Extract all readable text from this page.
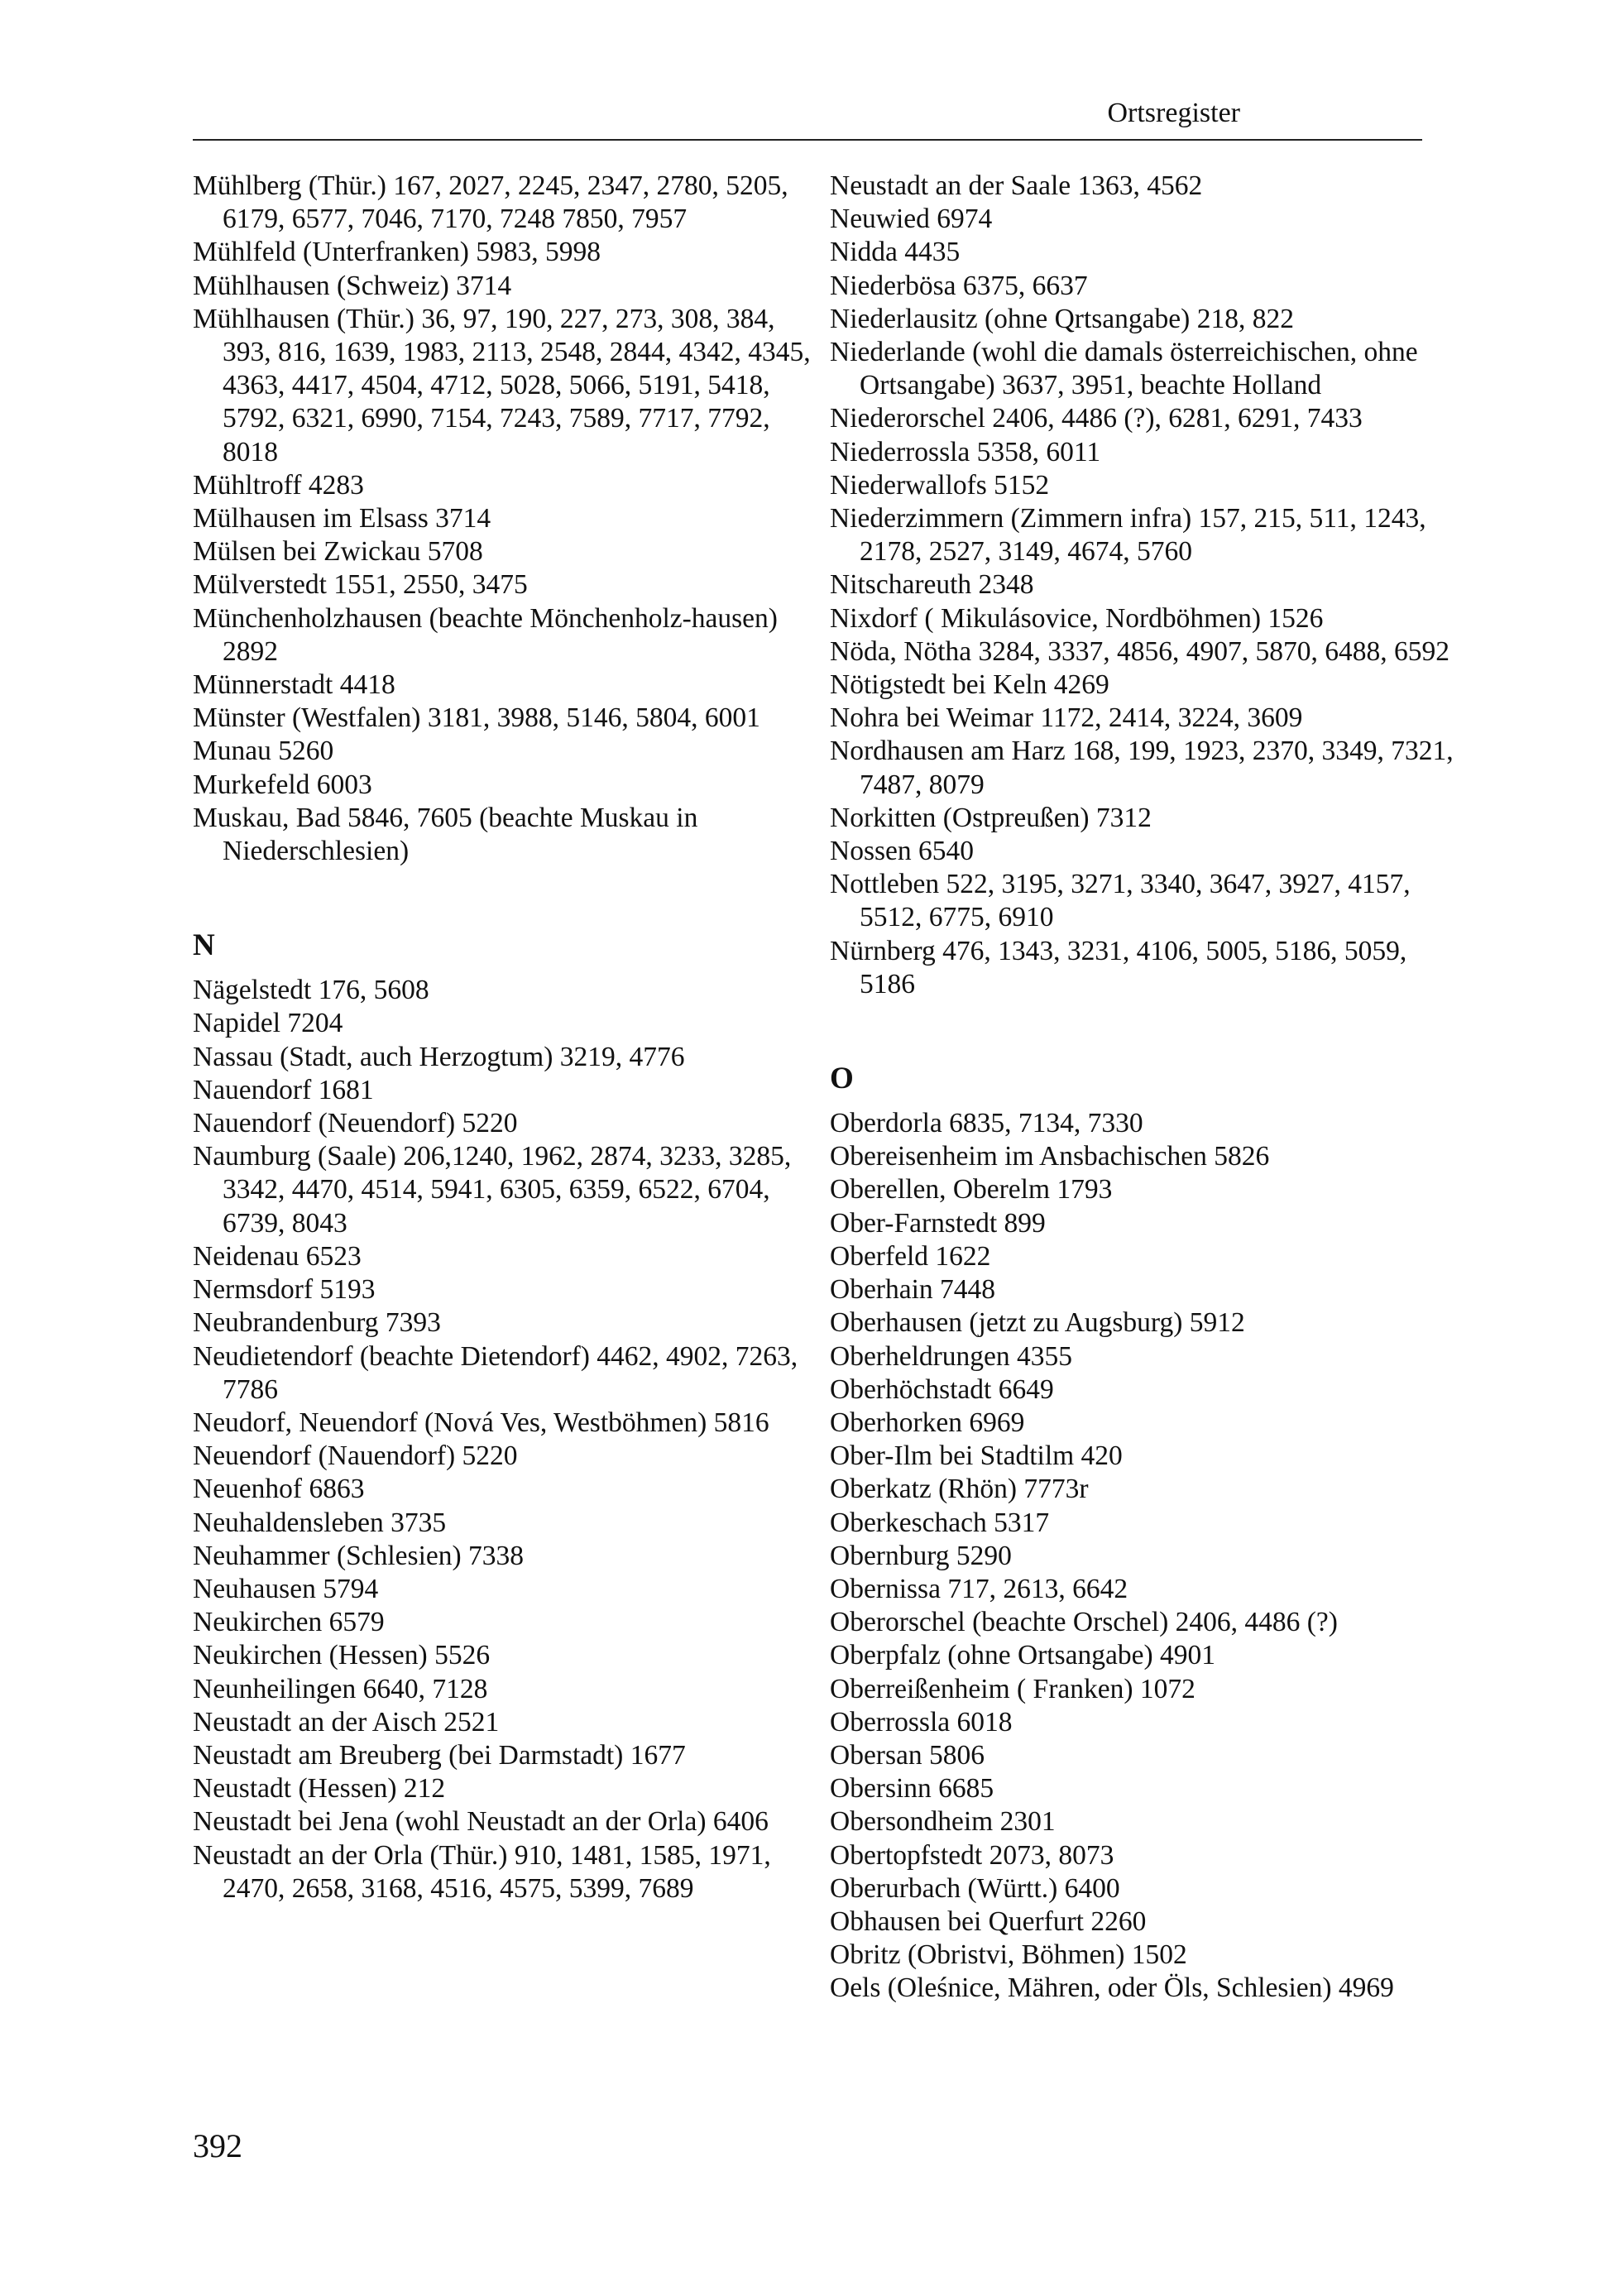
Ortsregister
Mühlberg (Thür.) 167, 2027, 2245, 2347, 2780, 5205, 6179, 6577, 7046, 7170, 7248 7850, 7957
Mühlfeld (Unterfranken) 5983, 5998
Mühlhausen (Schweiz) 3714
Mühlhausen (Thür.) 36, 97, 190, 227, 273, 308, 384, 393, 816, 1639, 1983, 2113, 2548, 2844, 4342, 4345, 4363, 4417, 4504, 4712, 5028, 5066, 5191, 5418, 5792, 6321, 6990, 7154, 7243, 7589, 7717, 7792, 8018
Mühltroff 4283
Mülhausen im Elsass 3714
Mülsen bei Zwickau 5708
Mülverstedt 1551, 2550, 3475
Münchenholzhausen (beachte Mönchenholz-hausen) 2892
Münnerstadt 4418
Münster (Westfalen) 3181, 3988, 5146, 5804, 6001
Munau 5260
Murkefeld 6003
Muskau, Bad 5846, 7605 (beachte Muskau in Niederschlesien)
N
Nägelstedt 176, 5608
Napidel 7204
Nassau (Stadt, auch Herzogtum) 3219, 4776
Nauendorf 1681
Nauendorf (Neuendorf) 5220
Naumburg (Saale) 206,1240, 1962, 2874, 3233, 3285, 3342, 4470, 4514, 5941, 6305, 6359, 6522, 6704, 6739, 8043
Neidenau 6523
Nermsdorf 5193
Neubrandenburg 7393
Neudietendorf (beachte Dietendorf) 4462, 4902, 7263, 7786
Neudorf, Neuendorf (Nová Ves, Westböhmen) 5816
Neuendorf (Nauendorf) 5220
Neuenhof 6863
Neuhaldensleben 3735
Neuhammer (Schlesien) 7338
Neuhausen 5794
Neukirchen 6579
Neukirchen (Hessen) 5526
Neunheilingen 6640, 7128
Neustadt an der Aisch 2521
Neustadt am Breuberg (bei Darmstadt) 1677
Neustadt (Hessen) 212
Neustadt bei Jena (wohl Neustadt an der Orla) 6406
Neustadt an der Orla (Thür.) 910, 1481, 1585, 1971, 2470, 2658, 3168, 4516, 4575, 5399, 7689
Neustadt an der Saale 1363, 4562
Neuwied 6974
Nidda 4435
Niederbösa 6375, 6637
Niederlausitz (ohne Qrtsangabe) 218, 822
Niederlande (wohl die damals österreichischen, ohne Ortsangabe) 3637, 3951, beachte Holland
Niederorschel 2406, 4486 (?), 6281, 6291, 7433
Niederrossla 5358, 6011
Niederwallofs 5152
Niederzimmern (Zimmern infra) 157, 215, 511, 1243, 2178, 2527, 3149, 4674, 5760
Nitschareuth 2348
Nixdorf ( Mikulásovice, Nordböhmen) 1526
Nöda, Nötha 3284, 3337, 4856, 4907, 5870, 6488, 6592
Nötigstedt bei Keln 4269
Nohra bei Weimar 1172, 2414, 3224, 3609
Nordhausen am Harz 168, 199, 1923, 2370, 3349, 7321, 7487, 8079
Norkitten (Ostpreußen) 7312
Nossen 6540
Nottleben 522, 3195, 3271, 3340, 3647, 3927, 4157, 5512, 6775, 6910
Nürnberg 476, 1343, 3231, 4106, 5005, 5186, 5059, 5186
O
Oberdorla 6835, 7134, 7330
Obereisenheim im Ansbachischen 5826
Oberellen, Oberelm 1793
Ober-Farnstedt 899
Oberfeld 1622
Oberhain 7448
Oberhausen (jetzt zu Augsburg) 5912
Oberheldrungen 4355
Oberhöchstadt 6649
Oberhorken 6969
Ober-Ilm bei Stadtilm 420
Oberkatz (Rhön) 7773r
Oberkeschach 5317
Obernburg 5290
Obernissa 717, 2613, 6642
Oberorschel (beachte Orschel) 2406, 4486 (?)
Oberpfalz (ohne Ortsangabe) 4901
Oberreißenheim ( Franken) 1072
Oberrossla 6018
Obersan 5806
Obersinn 6685
Obersondheim 2301
Obertopfstedt 2073, 8073
Oberurbach (Württ.) 6400
Obhausen bei Querfurt 2260
Obritz (Obristvi, Böhmen) 1502
Oels (Oleśnice, Mähren, oder Öls, Schlesien) 4969
392
